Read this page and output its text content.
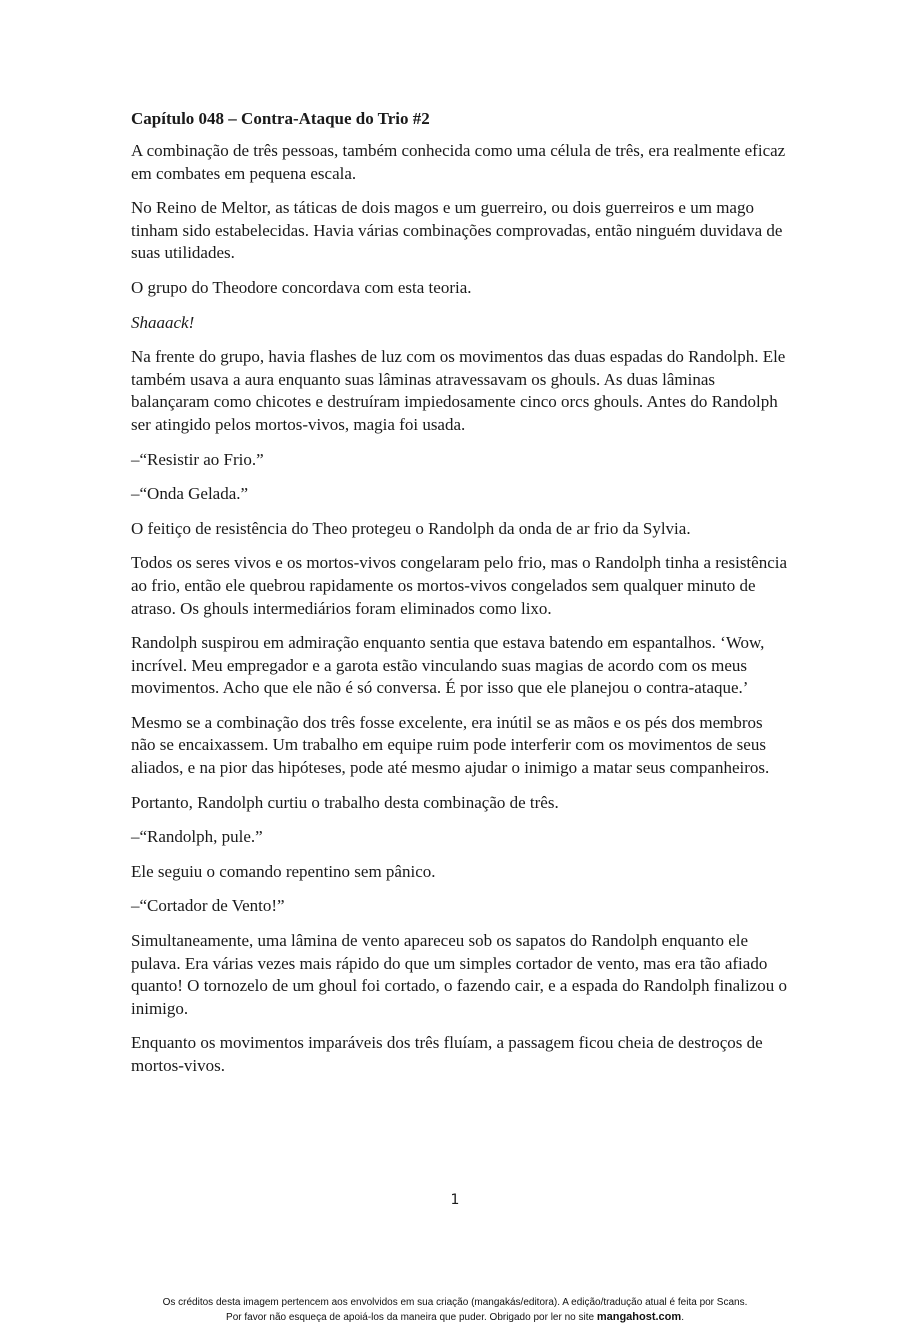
Capítulo 048 – Contra-Ataque do Trio #2

A combinação de três pessoas, também conhecida como uma célula de três, era realmente eficaz em combates em pequena escala.

No Reino de Meltor, as táticas de dois magos e um guerreiro, ou dois guerreiros e um mago tinham sido estabelecidas. Havia várias combinações comprovadas, então ninguém duvidava de suas utilidades.

O grupo do Theodore concordava com esta teoria.

Shaaack!

Na frente do grupo, havia flashes de luz com os movimentos das duas espadas do Randolph. Ele também usava a aura enquanto suas lâminas atravessavam os ghouls. As duas lâminas balançaram como chicotes e destruíram impiedosamente cinco orcs ghouls. Antes do Randolph ser atingido pelos mortos-vivos, magia foi usada.

–“Resistir ao Frio.”

–“Onda Gelada.”

O feitiço de resistência do Theo protegeu o Randolph da onda de ar frio da Sylvia.

Todos os seres vivos e os mortos-vivos congelaram pelo frio, mas o Randolph tinha a resistência ao frio, então ele quebrou rapidamente os mortos-vivos congelados sem qualquer minuto de atraso. Os ghouls intermediários foram eliminados como lixo.

Randolph suspirou em admiração enquanto sentia que estava batendo em espantalhos. ‘Wow, incrível. Meu empregador e a garota estão vinculando suas magias de acordo com os meus movimentos. Acho que ele não é só conversa. É por isso que ele planejou o contra-ataque.’

Mesmo se a combinação dos três fosse excelente, era inútil se as mãos e os pés dos membros não se encaixassem. Um trabalho em equipe ruim pode interferir com os movimentos de seus aliados, e na pior das hipóteses, pode até mesmo ajudar o inimigo a matar seus companheiros.

Portanto, Randolph curtiu o trabalho desta combinação de três.

–“Randolph, pule.”

Ele seguiu o comando repentino sem pânico.

–“Cortador de Vento!”

Simultaneamente, uma lâmina de vento apareceu sob os sapatos do Randolph enquanto ele pulava. Era várias vezes mais rápido do que um simples cortador de vento, mas era tão afiado quanto! O tornozelo de um ghoul foi cortado, o fazendo cair, e a espada do Randolph finalizou o inimigo.

Enquanto os movimentos imparáveis dos três fluíam, a passagem ficou cheia de destroços de mortos-vivos.

1
Os créditos desta imagem pertencem aos envolvidos em sua criação (mangakás/editora). A edição/tradução atual é feita por Scans.
Por favor não esqueça de apoiá-los da maneira que puder. Obrigado por ler no site mangahost.com.
